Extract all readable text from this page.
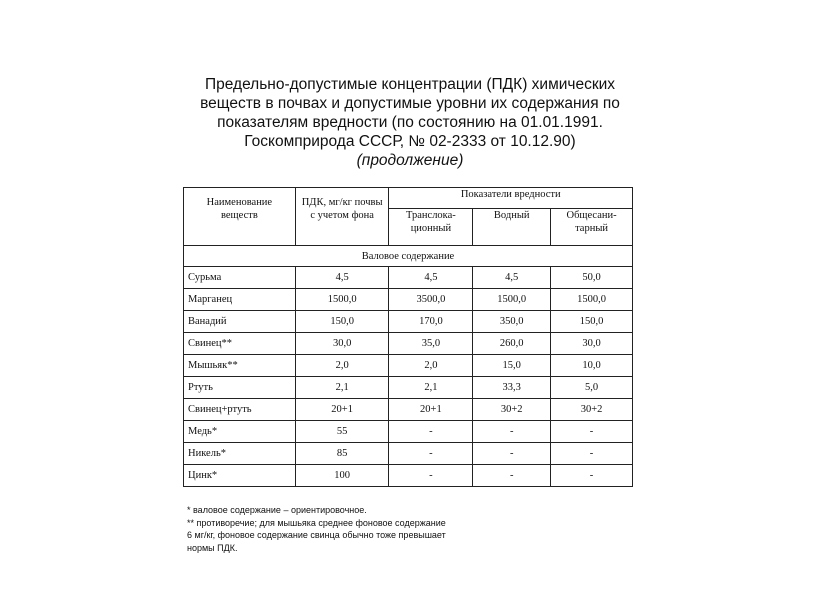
Предельно-допустимые концентрации (ПДК) химических
веществ в почвах и допустимые уровни их содержания по
показателям вредности (по состоянию на 01.01.1991.
Госкомприрода СССР, № 02-2333 от 10.12.90)
(продолжение)
Наименование веществ	ПДК, мг/кг почвы с учетом фона	Показатели вредности		
		Транслока-ционный	Водный	Общесани-тарный
Валовое содержание				
Сурьма	4,5	4,5	4,5	50,0
Марганец	1500,0	3500,0	1500,0	1500,0
Ванадий	150,0	170,0	350,0	150,0
Свинец**	30,0	35,0	260,0	30,0
Мышьяк**	2,0	2,0	15,0	10,0
Ртуть	2,1	2,1	33,3	5,0
Свинец+ртуть	20+1	20+1	30+2	30+2
Медь*	55	-	-	-
Никель*	85	-	-	-
Цинк*	100	-	-	-
* валовое содержание – ориентировочное.
** противоречие; для мышьяка среднее фоновое содержание
6 мг/кг, фоновое содержание свинца обычно тоже превышает
нормы ПДК.
